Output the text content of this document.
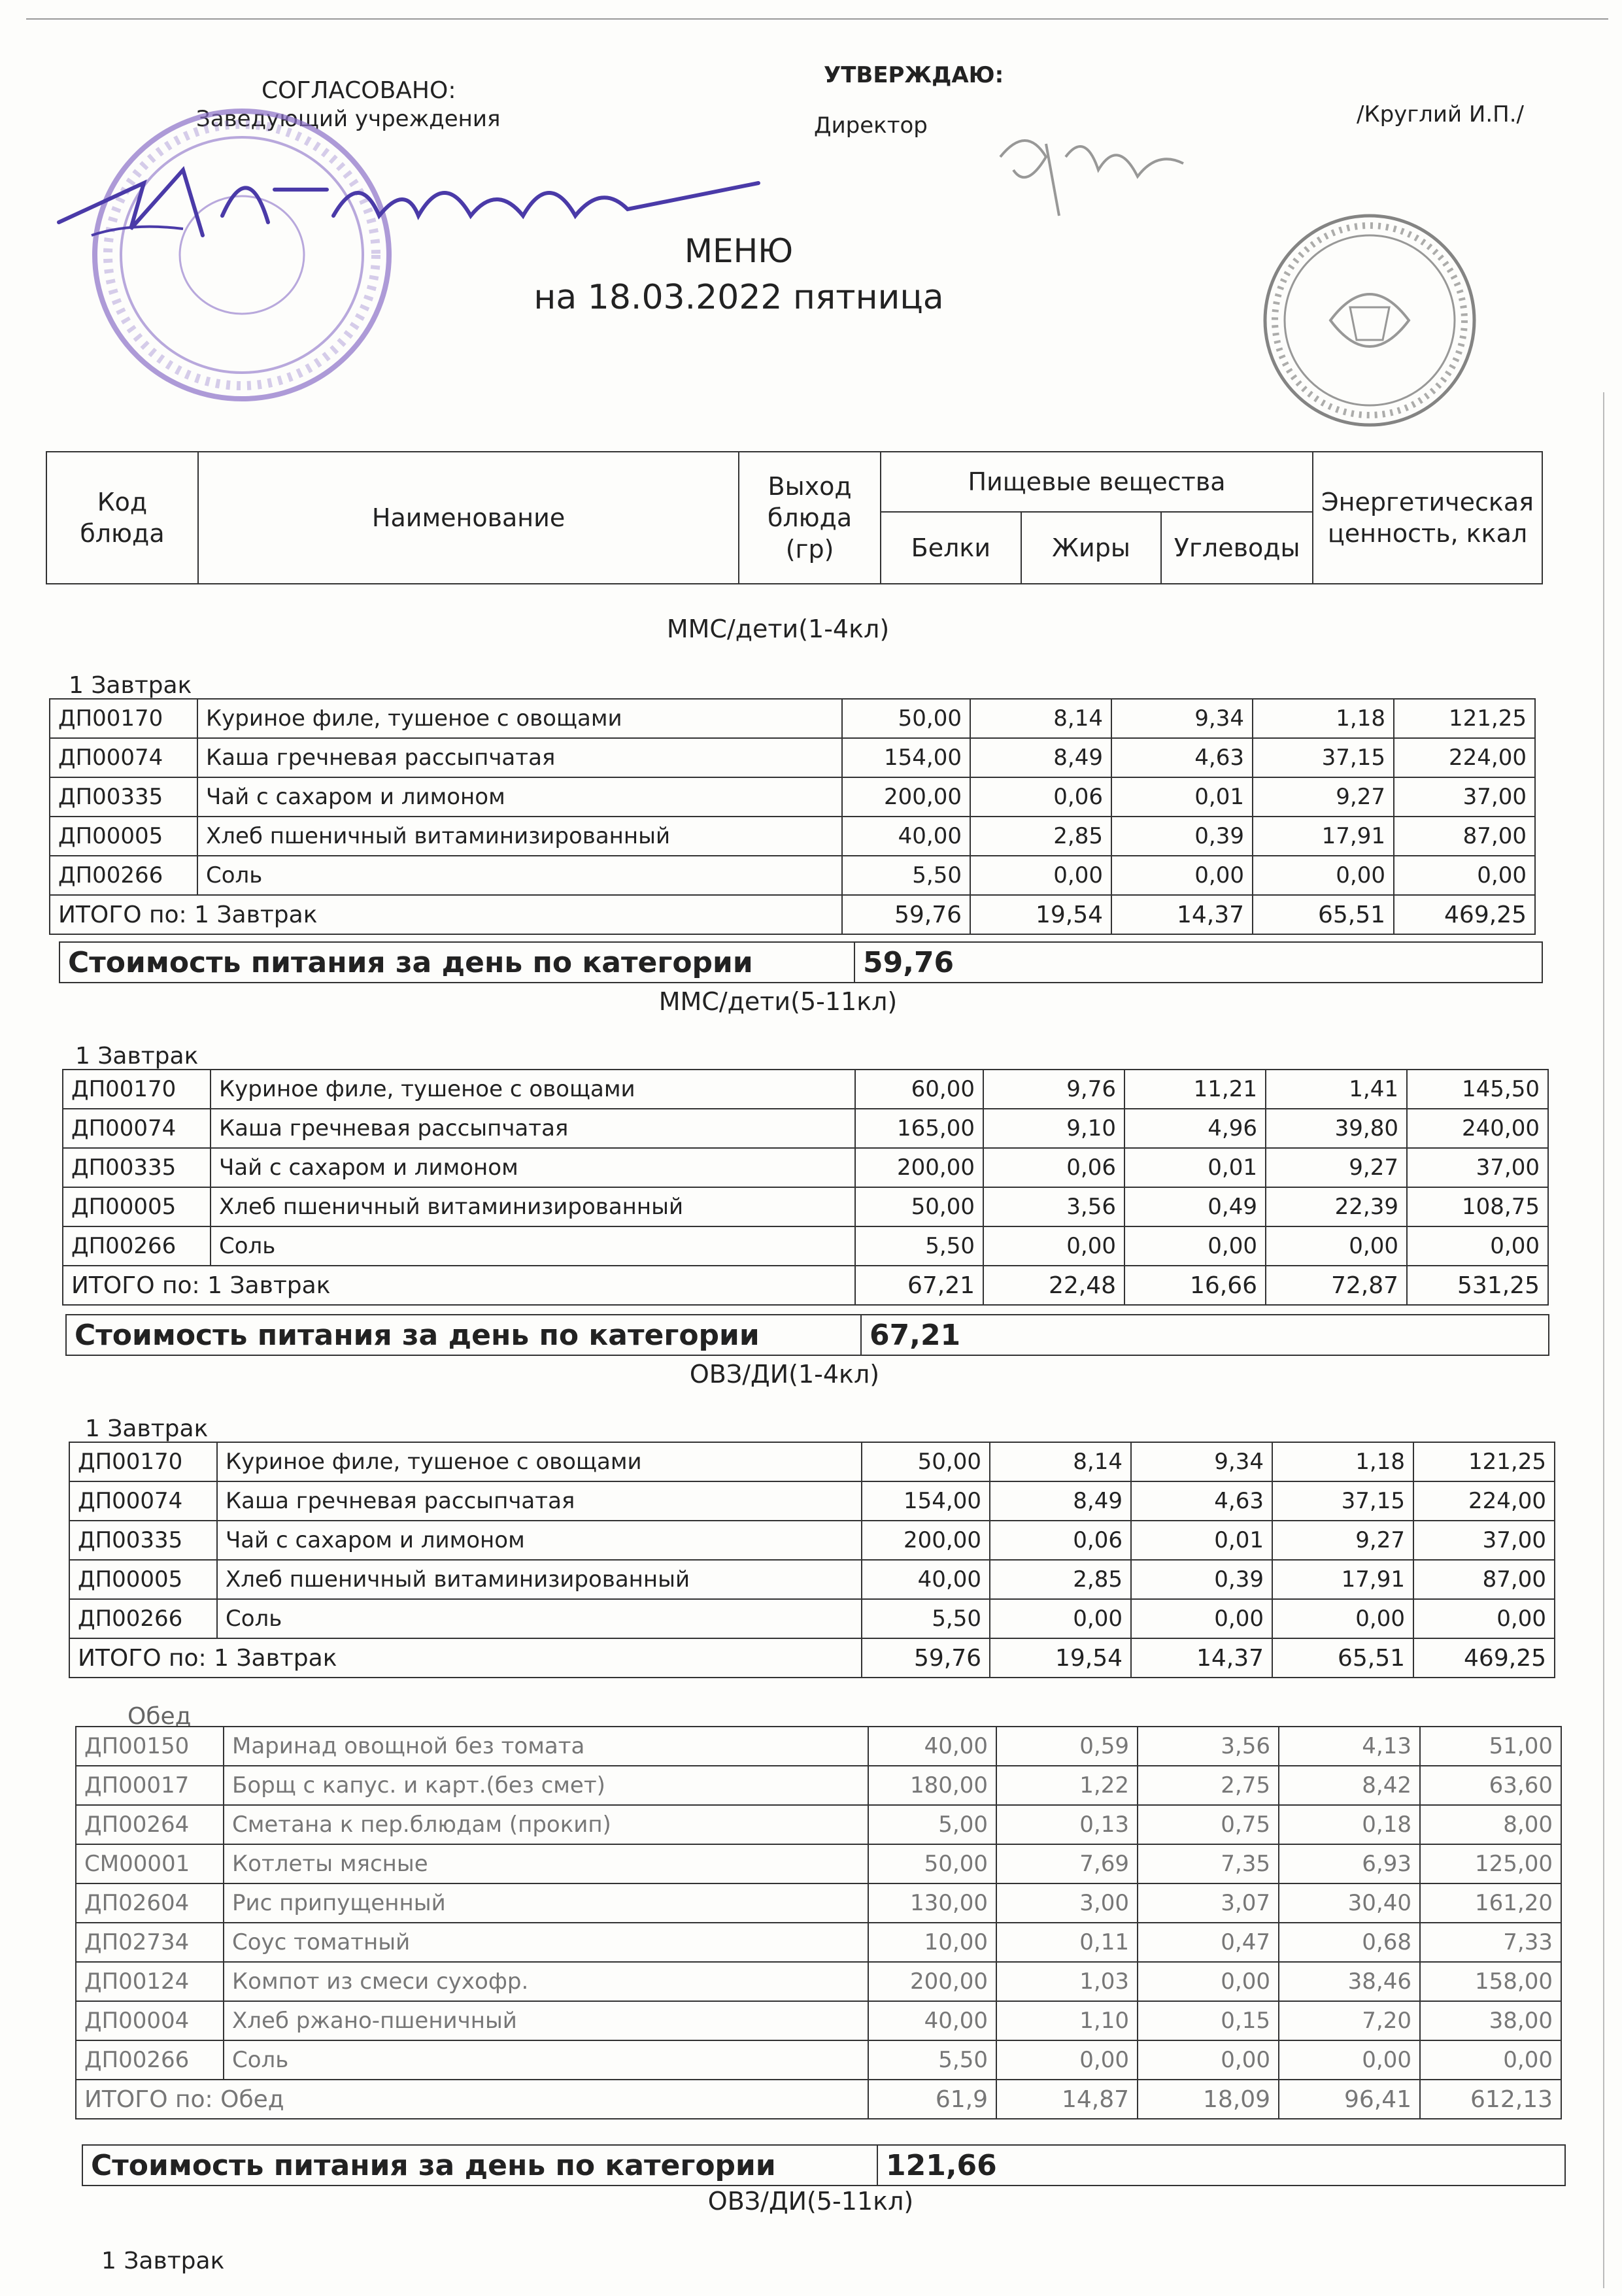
СОГЛАСОВАНО:
Заведующий учреждения
УТВЕРЖДАЮ:
Директор	/Круглий И.П./
МЕНЮ
на 18.03.2022 пятница
Код блюда	Наименование	Выход блюда (гр)	Пищевые вещества			Энергетическая ценность, ккал
			Белки	Жиры	Углеводы	
ММС/дети(1-4кл)
1 Завтрак
ДП00170	Куриное филе, тушеное с овощами	50,00	8,14	9,34	1,18	121,25
ДП00074	Каша гречневая рассыпчатая	154,00	8,49	4,63	37,15	224,00
ДП00335	Чай с сахаром и лимоном	200,00	0,06	0,01	9,27	37,00
ДП00005	Хлеб пшеничный витаминизированный	40,00	2,85	0,39	17,91	87,00
ДП00266	Соль	5,50	0,00	0,00	0,00	0,00
ИТОГО по: 1 Завтрак		59,76	19,54	14,37	65,51	469,25
Стоимость питания за день по категории	59,76
ММС/дети(5-11кл)
1 Завтрак
ДП00170	Куриное филе, тушеное с овощами	60,00	9,76	11,21	1,41	145,50
ДП00074	Каша гречневая рассыпчатая	165,00	9,10	4,96	39,80	240,00
ДП00335	Чай с сахаром и лимоном	200,00	0,06	0,01	9,27	37,00
ДП00005	Хлеб пшеничный витаминизированный	50,00	3,56	0,49	22,39	108,75
ДП00266	Соль	5,50	0,00	0,00	0,00	0,00
ИТОГО по: 1 Завтрак		67,21	22,48	16,66	72,87	531,25
Стоимость питания за день по категории	67,21
ОВЗ/ДИ(1-4кл)
1 Завтрак
ДП00170	Куриное филе, тушеное с овощами	50,00	8,14	9,34	1,18	121,25
ДП00074	Каша гречневая рассыпчатая	154,00	8,49	4,63	37,15	224,00
ДП00335	Чай с сахаром и лимоном	200,00	0,06	0,01	9,27	37,00
ДП00005	Хлеб пшеничный витаминизированный	40,00	2,85	0,39	17,91	87,00
ДП00266	Соль	5,50	0,00	0,00	0,00	0,00
ИТОГО по: 1 Завтрак		59,76	19,54	14,37	65,51	469,25
Обед
ДП00150	Маринад овощной без томата	40,00	0,59	3,56	4,13	51,00
ДП00017	Борщ с капус. и карт.(без смет)	180,00	1,22	2,75	8,42	63,60
ДП00264	Сметана к пер.блюдам (прокип)	5,00	0,13	0,75	0,18	8,00
СМ00001	Котлеты мясные	50,00	7,69	7,35	6,93	125,00
ДП02604	Рис припущенный	130,00	3,00	3,07	30,40	161,20
ДП02734	Соус томатный	10,00	0,11	0,47	0,68	7,33
ДП00124	Компот из смеси сухофр.	200,00	1,03	0,00	38,46	158,00
ДП00004	Хлеб ржано-пшеничный	40,00	1,10	0,15	7,20	38,00
ДП00266	Соль	5,50	0,00	0,00	0,00	0,00
ИТОГО по: Обед		61,9	14,87	18,09	96,41	612,13
Стоимость питания за день по категории	121,66
ОВЗ/ДИ(5-11кл)
1 Завтрак
